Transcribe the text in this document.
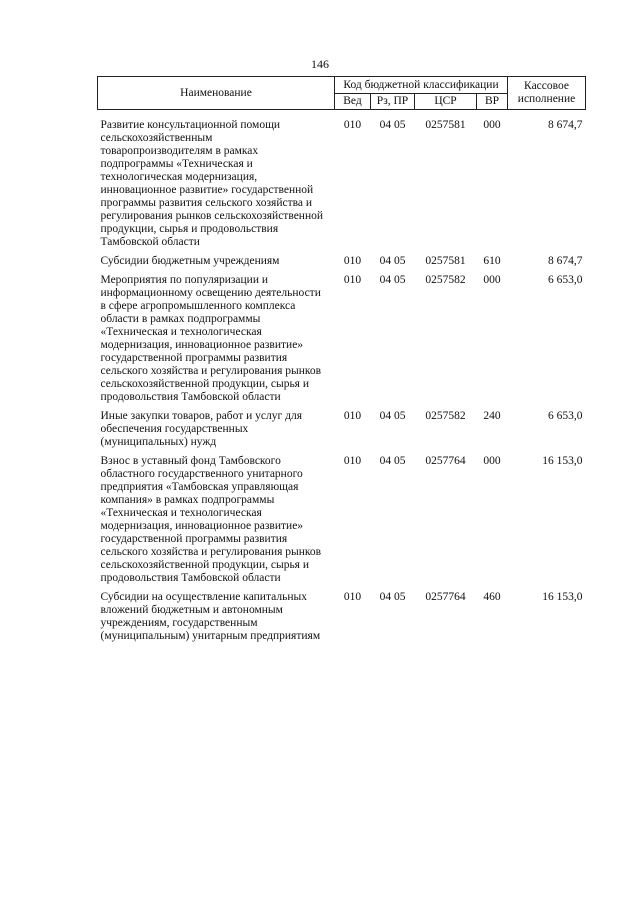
146
Наименование	Код бюджетной классификации				Кассовое исполнение
	Вед	Рз, ПР	ЦСР	ВР	
Развитие консультационной помощи сельскохозяйственным товаропроизводителям в рамках подпрограммы «Техническая и технологическая модернизация, инновационное развитие» государственной программы развития сельского хозяйства и регулирования рынков сельскохозяйственной продукции, сырья и продовольствия Тамбовской области	010	04 05	0257581	000	8 674,7
Субсидии бюджетным учреждениям	010	04 05	0257581	610	8 674,7
Мероприятия по популяризации и информационному освещению деятельности в сфере агропромышленного комплекса области в рамках подпрограммы «Техническая и технологическая модернизация, инновационное развитие» государственной программы развития сельского хозяйства и регулирования рынков сельскохозяйственной продукции, сырья и продовольствия Тамбовской области	010	04 05	0257582	000	6 653,0
Иные закупки товаров, работ и услуг для обеспечения государственных (муниципальных) нужд	010	04 05	0257582	240	6 653,0
Взнос в уставный фонд Тамбовского областного государственного унитарного предприятия «Тамбовская управляющая компания» в рамках подпрограммы «Техническая и технологическая модернизация, инновационное развитие» государственной программы развития сельского хозяйства и регулирования рынков сельскохозяйственной продукции, сырья и продовольствия Тамбовской области	010	04 05	0257764	000	16 153,0
Субсидии на осуществление капитальных вложений бюджетным и автономным учреждениям, государственным (муниципальным) унитарным предприятиям	010	04 05	0257764	460	16 153,0
